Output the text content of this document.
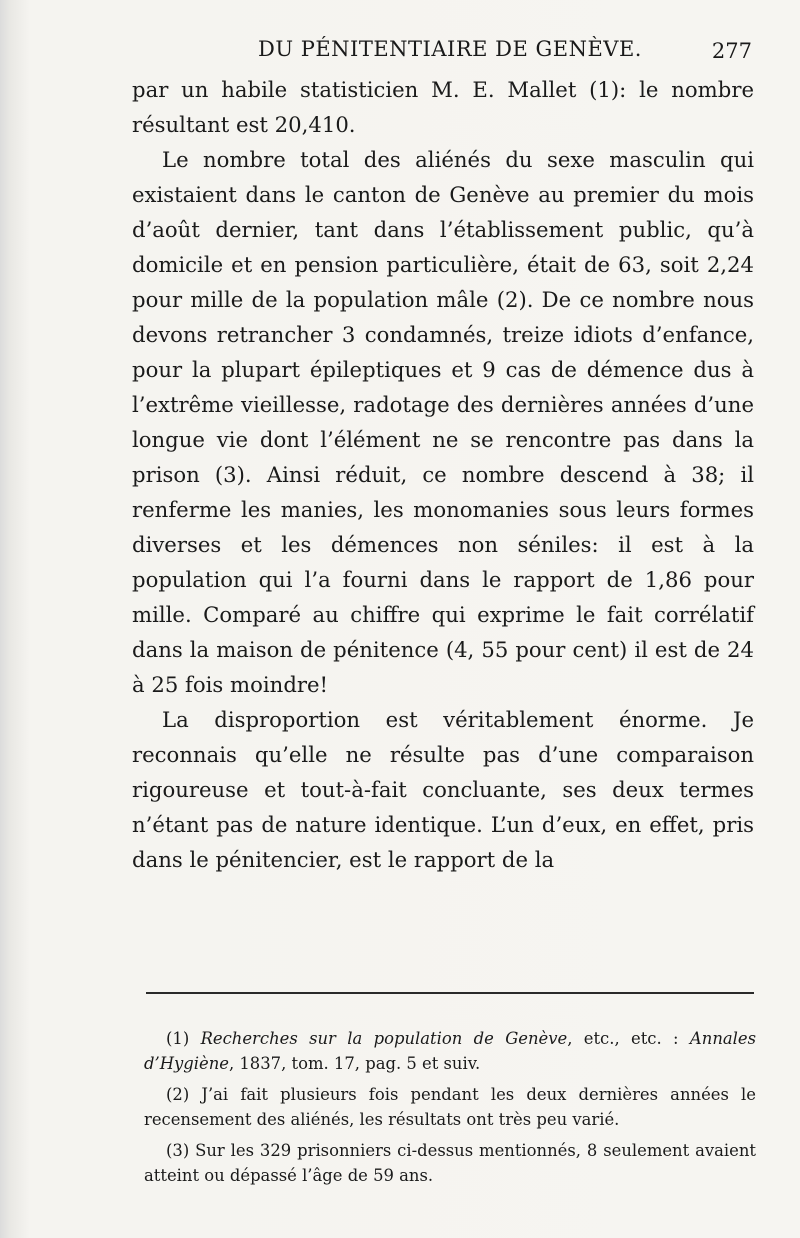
DU PÉNITENTIAIRE DE GENÈVE.	277

par un habile statisticien M. E. Mallet (1): le nombre résultant est 20,410.

Le nombre total des aliénés du sexe masculin qui existaient dans le canton de Genève au premier du mois d’août dernier, tant dans l’établissement public, qu’à domicile et en pension particulière, était de 63, soit 2,24 pour mille de la population mâle (2). De ce nombre nous devons retrancher 3 condamnés, treize idiots d’enfance, pour la plupart épileptiques et 9 cas de démence dus à l’extrême vieillesse, radotage des dernières années d’une longue vie dont l’élément ne se rencontre pas dans la prison (3). Ainsi réduit, ce nombre descend à 38; il renferme les manies, les monomanies sous leurs formes diverses et les démences non séniles: il est à la population qui l’a fourni dans le rapport de 1,86 pour mille. Comparé au chiffre qui exprime le fait corrélatif dans la maison de pénitence (4, 55 pour cent) il est de 24 à 25 fois moindre!

La disproportion est véritablement énorme. Je reconnais qu’elle ne résulte pas d’une comparaison rigoureuse et tout-à-fait concluante, ses deux termes n’étant pas de nature identique. L’un d’eux, en effet, pris dans le pénitencier, est le rapport de la

(1) Recherches sur la population de Genève, etc., etc. : Annales d’Hygiène, 1837, tom. 17, pag. 5 et suiv.

(2) J’ai fait plusieurs fois pendant les deux dernières années le recensement des aliénés, les résultats ont très peu varié.

(3) Sur les 329 prisonniers ci-dessus mentionnés, 8 seulement avaient atteint ou dépassé l’âge de 59 ans.
